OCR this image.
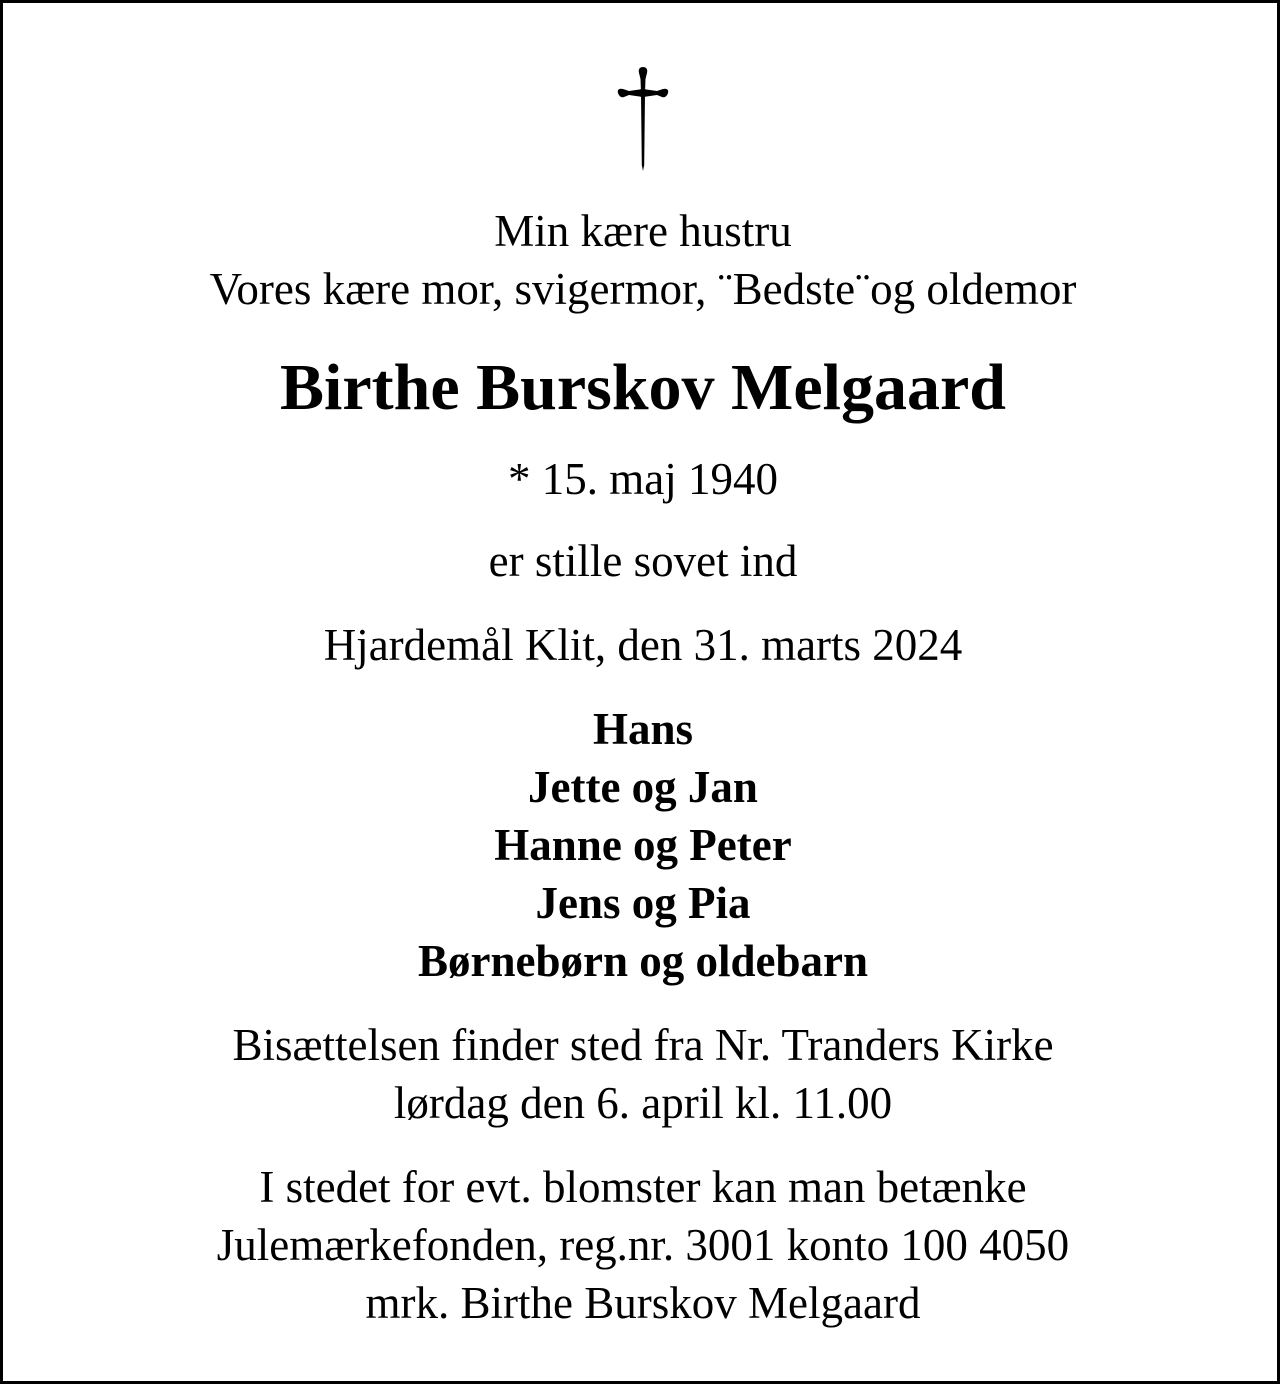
Min kære hustru
Vores kære mor, svigermor, ¨Bedste¨og oldemor
Birthe Burskov Melgaard
* 15. maj 1940
er stille sovet ind
Hjardemål Klit, den 31. marts 2024
Hans
Jette og Jan
Hanne og Peter
Jens og Pia
Børnebørn og oldebarn
Bisættelsen finder sted fra Nr. Tranders Kirke
lørdag den 6. april kl. 11.00
I stedet for evt. blomster kan man betænke
Julemærkefonden, reg.nr. 3001 konto 100 4050
mrk. Birthe Burskov Melgaard
